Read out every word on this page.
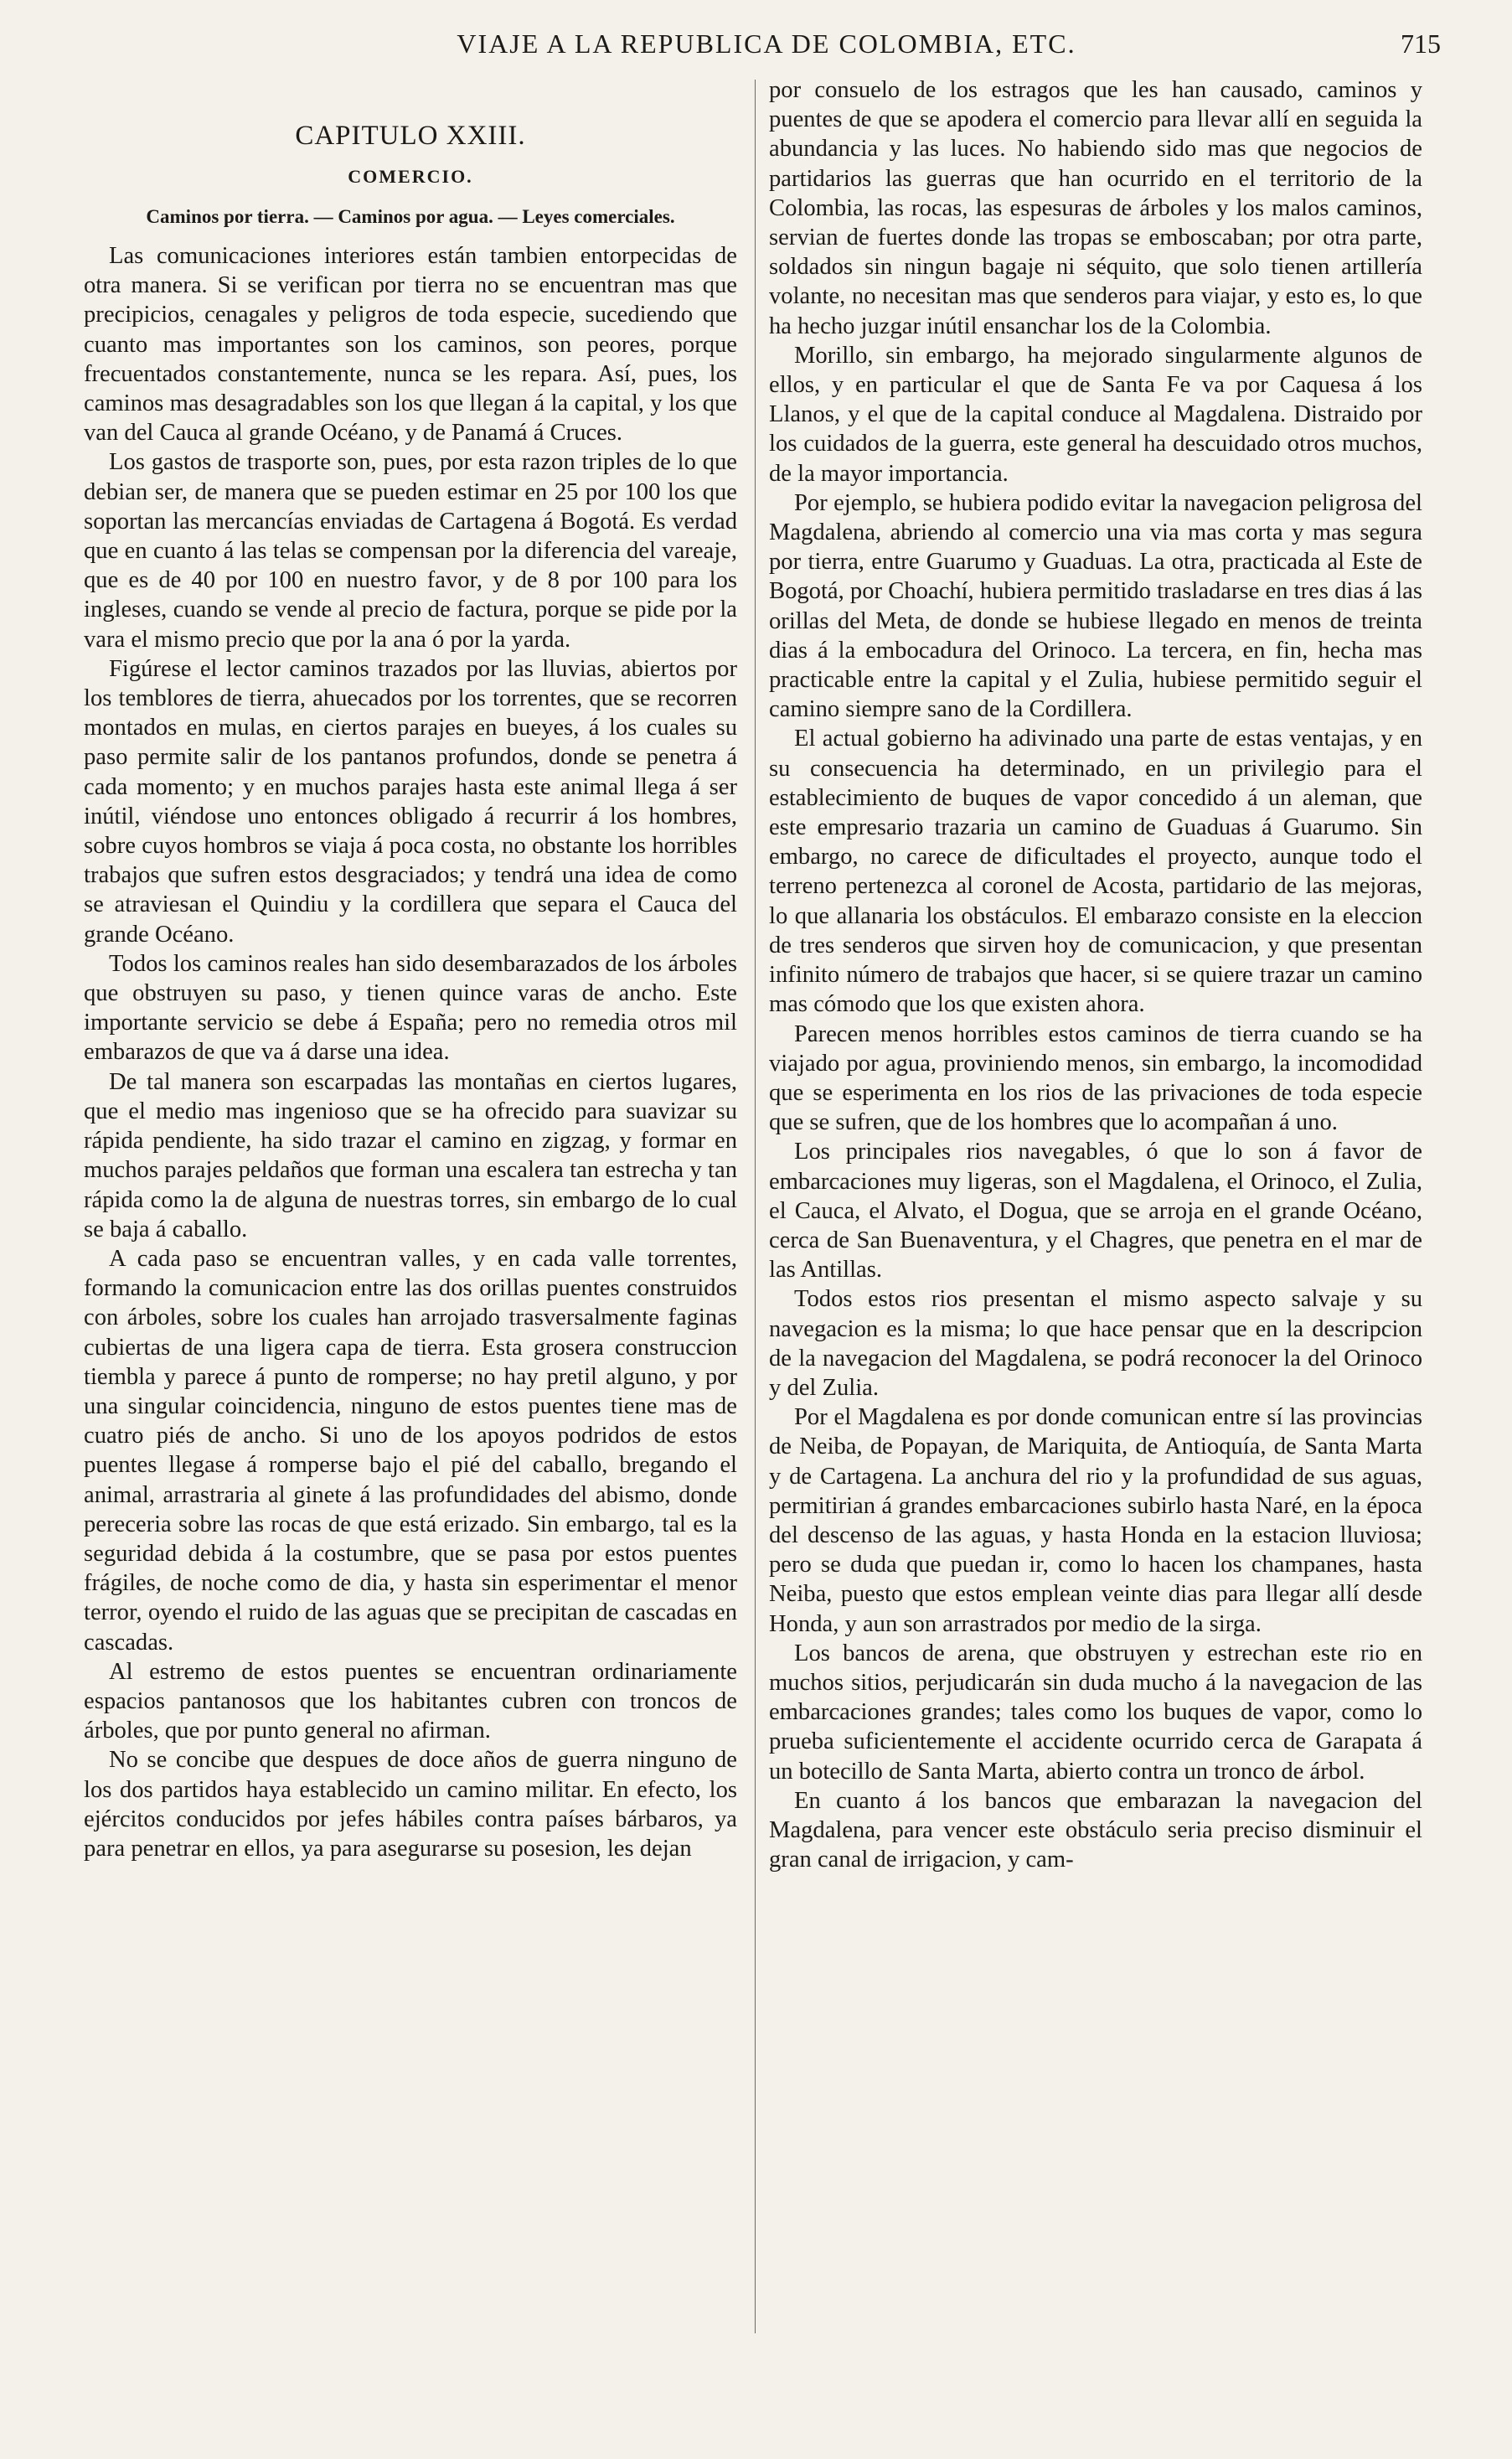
VIAJE A LA REPUBLICA DE COLOMBIA, ETC.	715
CAPITULO XXIII.
COMERCIO.
Caminos por tierra. — Caminos por agua. — Leyes comerciales.

Las comunicaciones interiores están tambien entorpecidas de otra manera. Si se verifican por tierra no se encuentran mas que precipicios, cenagales y peligros de toda especie, sucediendo que cuanto mas importantes son los caminos, son peores, porque frecuentados constantemente, nunca se les repara. Así, pues, los caminos mas desagradables son los que llegan á la capital, y los que van del Cauca al grande Océano, y de Panamá á Cruces.

Los gastos de trasporte son, pues, por esta razon triples de lo que debian ser, de manera que se pueden estimar en 25 por 100 los que soportan las mercancías enviadas de Cartagena á Bogotá. Es verdad que en cuanto á las telas se compensan por la diferencia del vareaje, que es de 40 por 100 en nuestro favor, y de 8 por 100 para los ingleses, cuando se vende al precio de factura, porque se pide por la vara el mismo precio que por la ana ó por la yarda.

Figúrese el lector caminos trazados por las lluvias, abiertos por los temblores de tierra, ahuecados por los torrentes, que se recorren montados en mulas, en ciertos parajes en bueyes, á los cuales su paso permite salir de los pantanos profundos, donde se penetra á cada momento; y en muchos parajes hasta este animal llega á ser inútil, viéndose uno entonces obligado á recurrir á los hombres, sobre cuyos hombros se viaja á poca costa, no obstante los horribles trabajos que sufren estos desgraciados; y tendrá una idea de como se atraviesan el Quindiu y la cordillera que separa el Cauca del grande Océano.

Todos los caminos reales han sido desembarazados de los árboles que obstruyen su paso, y tienen quince varas de ancho. Este importante servicio se debe á España; pero no remedia otros mil embarazos de que va á darse una idea.

De tal manera son escarpadas las montañas en ciertos lugares, que el medio mas ingenioso que se ha ofrecido para suavizar su rápida pendiente, ha sido trazar el camino en zigzag, y formar en muchos parajes peldaños que forman una escalera tan estrecha y tan rápida como la de alguna de nuestras torres, sin embargo de lo cual se baja á caballo.

A cada paso se encuentran valles, y en cada valle torrentes, formando la comunicacion entre las dos orillas puentes construidos con árboles, sobre los cuales han arrojado trasversalmente faginas cubiertas de una ligera capa de tierra. Esta grosera construccion tiembla y parece á punto de romperse; no hay pretil alguno, y por una singular coincidencia, ninguno de estos puentes tiene mas de cuatro piés de ancho. Si uno de los apoyos podridos de estos puentes llegase á romperse bajo el pié del caballo, bregando el animal, arrastraria al ginete á las profundidades del abismo, donde pereceria sobre las rocas de que está erizado. Sin embargo, tal es la seguridad debida á la costumbre, que se pasa por estos puentes frágiles, de noche como de dia, y hasta sin esperimentar el menor terror, oyendo el ruido de las aguas que se precipitan de cascadas en cascadas.

Al estremo de estos puentes se encuentran ordinariamente espacios pantanosos que los habitantes cubren con troncos de árboles, que por punto general no afirman.

No se concibe que despues de doce años de guerra ninguno de los dos partidos haya establecido un camino militar. En efecto, los ejércitos conducidos por jefes hábiles contra países bárbaros, ya para penetrar en ellos, ya para asegurarse su posesion, les dejan

por consuelo de los estragos que les han causado, caminos y puentes de que se apodera el comercio para llevar allí en seguida la abundancia y las luces. No habiendo sido mas que negocios de partidarios las guerras que han ocurrido en el territorio de la Colombia, las rocas, las espesuras de árboles y los malos caminos, servian de fuertes donde las tropas se emboscaban; por otra parte, soldados sin ningun bagaje ni séquito, que solo tienen artillería volante, no necesitan mas que senderos para viajar, y esto es, lo que ha hecho juzgar inútil ensanchar los de la Colombia.

Morillo, sin embargo, ha mejorado singularmente algunos de ellos, y en particular el que de Santa Fe va por Caquesa á los Llanos, y el que de la capital conduce al Magdalena. Distraido por los cuidados de la guerra, este general ha descuidado otros muchos, de la mayor importancia.

Por ejemplo, se hubiera podido evitar la navegacion peligrosa del Magdalena, abriendo al comercio una via mas corta y mas segura por tierra, entre Guarumo y Guaduas. La otra, practicada al Este de Bogotá, por Choachí, hubiera permitido trasladarse en tres dias á las orillas del Meta, de donde se hubiese llegado en menos de treinta dias á la embocadura del Orinoco. La tercera, en fin, hecha mas practicable entre la capital y el Zulia, hubiese permitido seguir el camino siempre sano de la Cordillera.

El actual gobierno ha adivinado una parte de estas ventajas, y en su consecuencia ha determinado, en un privilegio para el establecimiento de buques de vapor concedido á un aleman, que este empresario trazaria un camino de Guaduas á Guarumo. Sin embargo, no carece de dificultades el proyecto, aunque todo el terreno pertenezca al coronel de Acosta, partidario de las mejoras, lo que allanaria los obstáculos. El embarazo consiste en la eleccion de tres senderos que sirven hoy de comunicacion, y que presentan infinito número de trabajos que hacer, si se quiere trazar un camino mas cómodo que los que existen ahora.

Parecen menos horribles estos caminos de tierra cuando se ha viajado por agua, proviniendo menos, sin embargo, la incomodidad que se esperimenta en los rios de las privaciones de toda especie que se sufren, que de los hombres que lo acompañan á uno.

Los principales rios navegables, ó que lo son á favor de embarcaciones muy ligeras, son el Magdalena, el Orinoco, el Zulia, el Cauca, el Alvato, el Dogua, que se arroja en el grande Océano, cerca de San Buenaventura, y el Chagres, que penetra en el mar de las Antillas.

Todos estos rios presentan el mismo aspecto salvaje y su navegacion es la misma; lo que hace pensar que en la descripcion de la navegacion del Magdalena, se podrá reconocer la del Orinoco y del Zulia.

Por el Magdalena es por donde comunican entre sí las provincias de Neiba, de Popayan, de Mariquita, de Antioquía, de Santa Marta y de Cartagena. La anchura del rio y la profundidad de sus aguas, permitirian á grandes embarcaciones subirlo hasta Naré, en la época del descenso de las aguas, y hasta Honda en la estacion lluviosa; pero se duda que puedan ir, como lo hacen los champanes, hasta Neiba, puesto que estos emplean veinte dias para llegar allí desde Honda, y aun son arrastrados por medio de la sirga.

Los bancos de arena, que obstruyen y estrechan este rio en muchos sitios, perjudicarán sin duda mucho á la navegacion de las embarcaciones grandes; tales como los buques de vapor, como lo prueba suficientemente el accidente ocurrido cerca de Garapata á un botecillo de Santa Marta, abierto contra un tronco de árbol.

En cuanto á los bancos que embarazan la navegacion del Magdalena, para vencer este obstáculo seria preciso disminuir el gran canal de irrigacion, y cam-
